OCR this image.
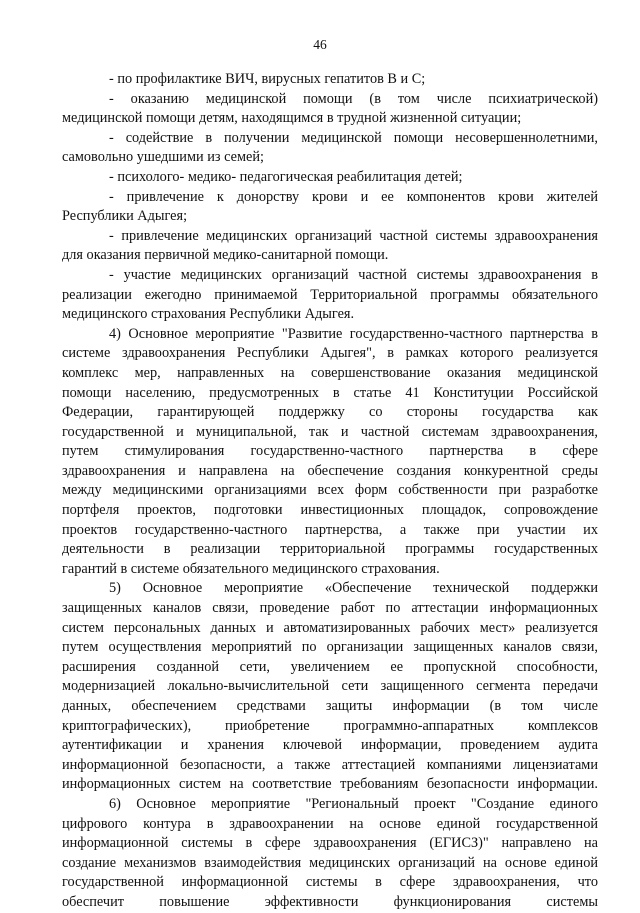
46
- по профилактике ВИЧ, вирусных гепатитов В и С;
- оказанию медицинской помощи (в том числе психиатрической)
медицинской помощи детям, находящимся в трудной жизненной ситуации;
- содействие в получении медицинской помощи несовершеннолетними,
самовольно ушедшими из семей;
- психолого- медико- педагогическая реабилитация детей;
- привлечение к донорству крови и ее компонентов крови жителей
Республики Адыгея;
- привлечение медицинских организаций частной системы здравоохранения
для оказания первичной медико-санитарной помощи.
- участие медицинских организаций частной системы здравоохранения в
реализации ежегодно принимаемой Территориальной программы обязательного
медицинского страхования Республики Адыгея.
4) Основное мероприятие "Развитие государственно-частного партнерства в
системе здравоохранения Республики Адыгея", в рамках которого реализуется
комплекс мер, направленных на совершенствование оказания медицинской
помощи населению, предусмотренных в статье 41 Конституции Российской
Федерации, гарантирующей поддержку со стороны государства как
государственной и муниципальной, так и частной системам здравоохранения,
путем стимулирования государственно-частного партнерства в сфере
здравоохранения и направлена на обеспечение создания конкурентной среды
между медицинскими организациями всех форм собственности при разработке
портфеля проектов, подготовки инвестиционных площадок, сопровождение
проектов государственно-частного партнерства, а также при участии их
деятельности в реализации территориальной программы государственных
гарантий в системе обязательного медицинского страхования.
5) Основное мероприятие «Обеспечение технической поддержки
защищенных каналов связи, проведение работ по аттестации информационных
систем персональных данных и автоматизированных рабочих мест» реализуется
путем осуществления мероприятий по организации защищенных каналов связи,
расширения созданной сети, увеличением ее пропускной способности,
модернизацией локально-вычислительной сети защищенного сегмента передачи
данных, обеспечением средствами защиты информации (в том числе
криптографических), приобретение программно-аппаратных комплексов
аутентификации и хранения ключевой информации, проведением аудита
информационной безопасности, а также аттестацией компаниями лицензиатами
информационных систем на соответствие требованиям безопасности информации.
6) Основное мероприятие "Региональный проект "Создание единого
цифрового контура в здравоохранении на основе единой государственной
информационной системы в сфере здравоохранения (ЕГИСЗ)" направлено на
создание механизмов взаимодействия медицинских организаций на основе единой
государственной информационной системы в сфере здравоохранения, что
обеспечит повышение эффективности функционирования системы
